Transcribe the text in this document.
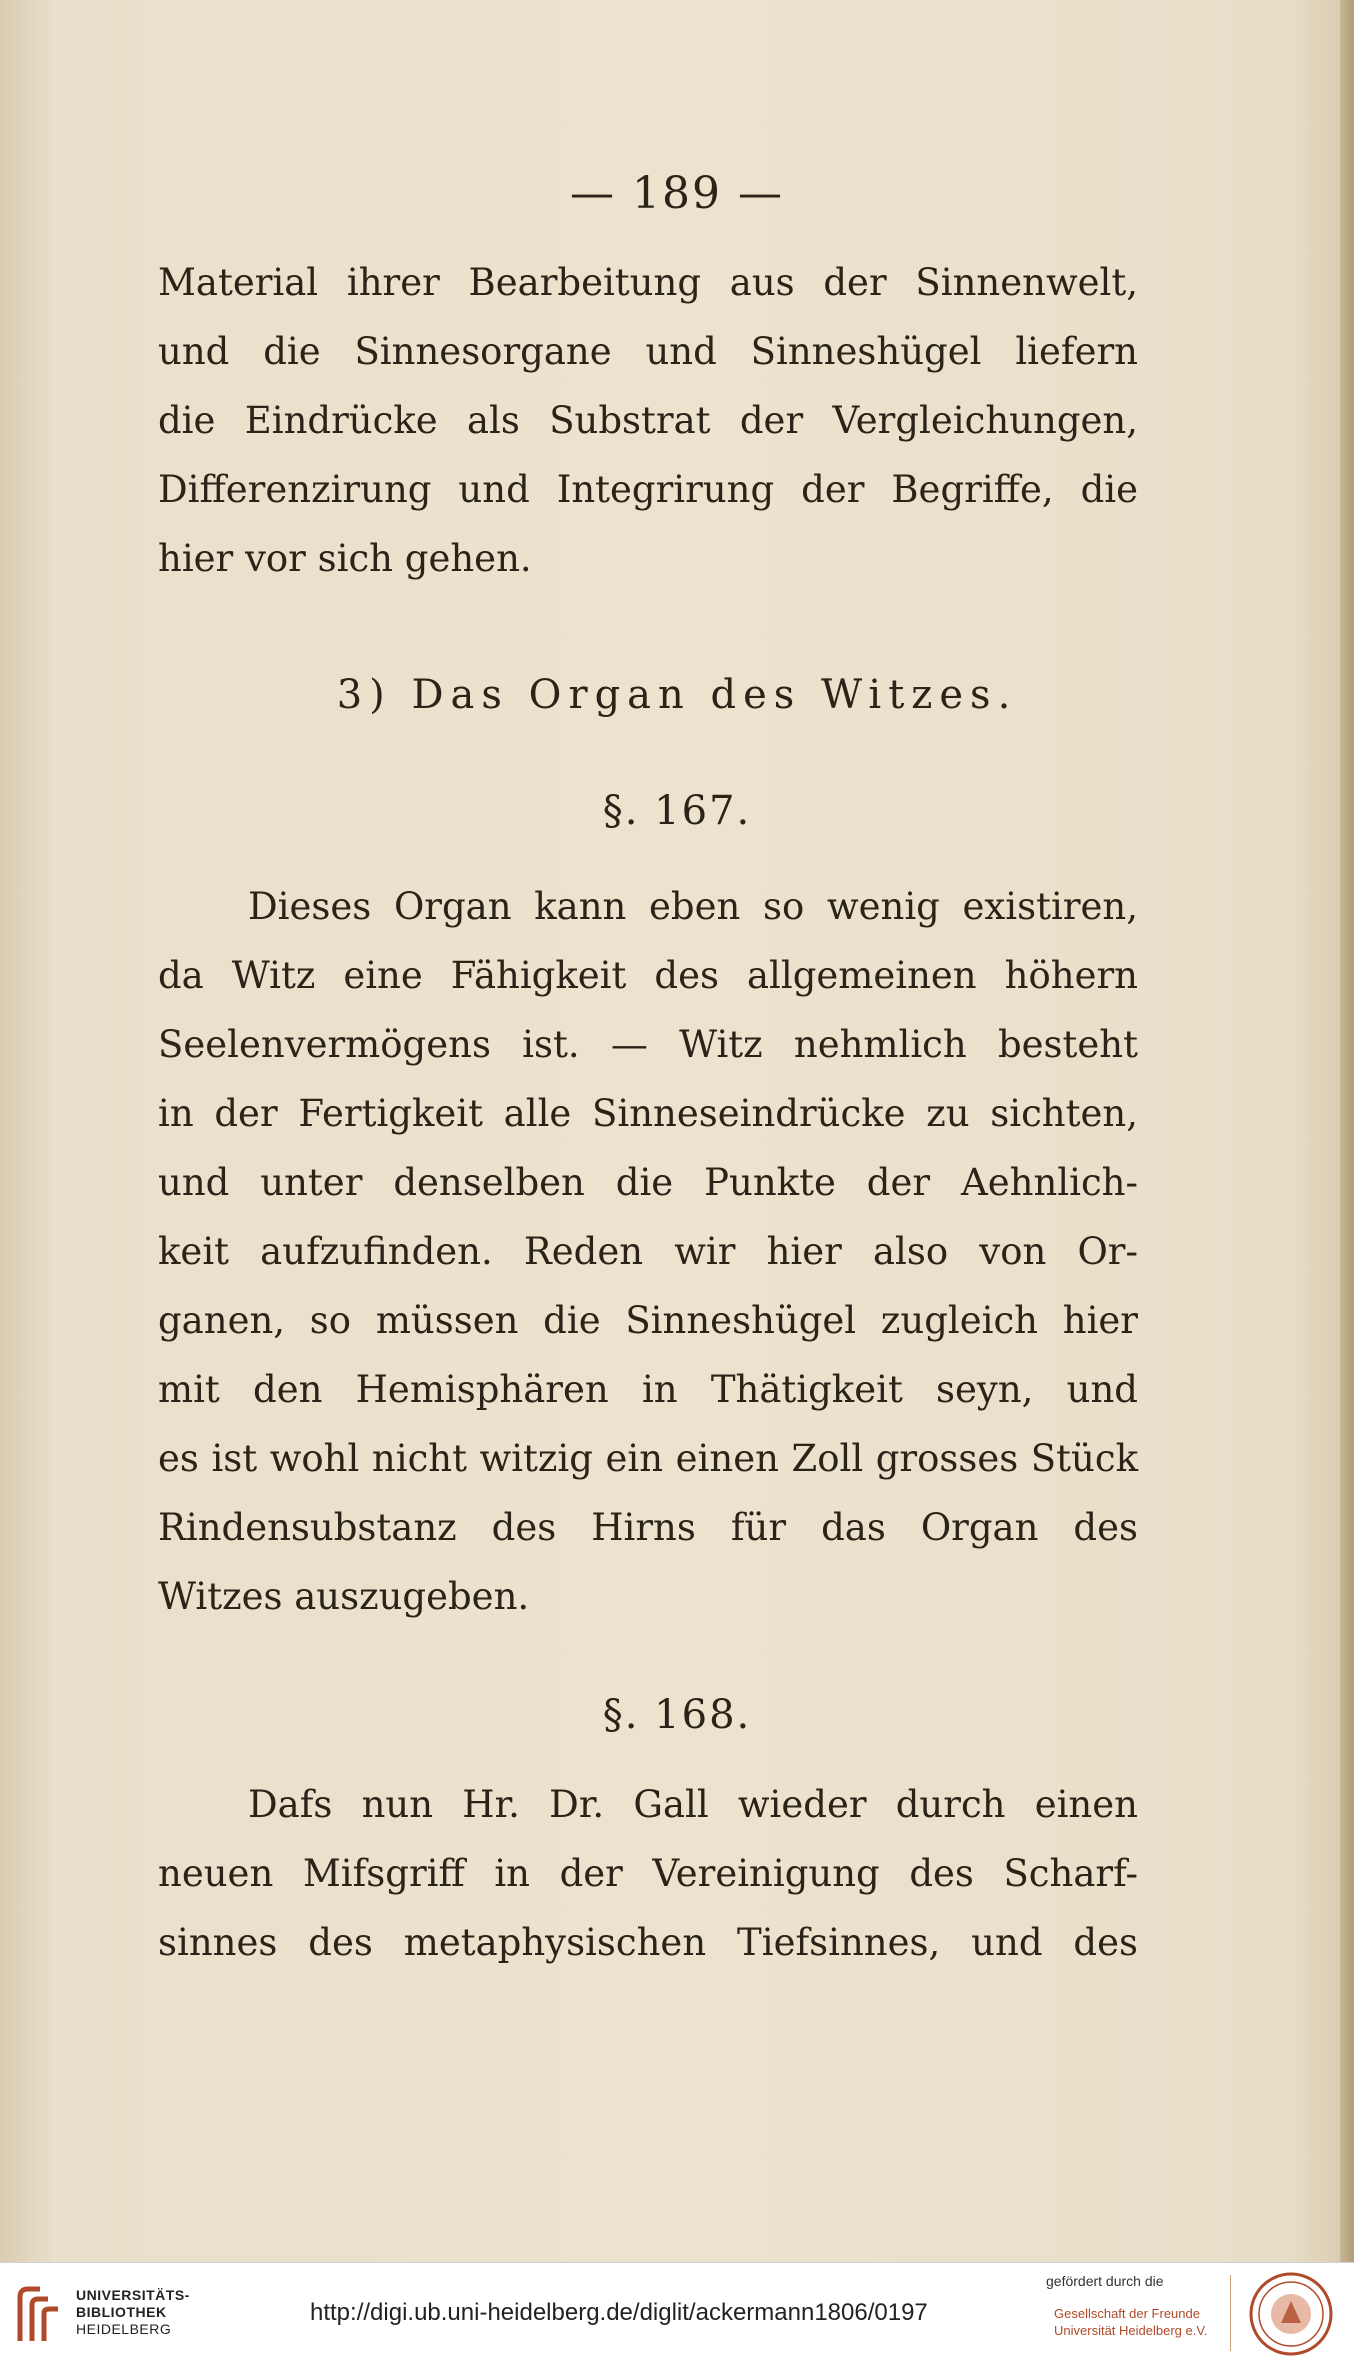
— 189 —
Material ihrer Bearbeitung aus der Sinnenwelt,
und die Sinnesorgane und Sinneshügel liefern
die Eindrücke als Substrat der Vergleichungen,
Differenzirung und Integrirung der Begriffe, die
hier vor sich gehen.
3) Das Organ des Witzes.
§. 167.
Dieses Organ kann eben so wenig existiren,
da Witz eine Fähigkeit des allgemeinen höhern
Seelenvermögens ist. — Witz nehmlich besteht
in der Fertigkeit alle Sinneseindrücke zu sichten,
und unter denselben die Punkte der Aehnlich-
keit aufzufinden. Reden wir hier also von Or-
ganen, so müssen die Sinneshügel zugleich hier
mit den Hemisphären in Thätigkeit seyn, und
es ist wohl nicht witzig ein einen Zoll grosses Stück
Rindensubstanz des Hirns für das Organ des
Witzes auszugeben.
§. 168.
Dafs nun Hr. Dr. Gall wieder durch einen
neuen Mifsgriff in der Vereinigung des Scharf-
sinnes des metaphysischen Tiefsinnes, und des
UNIVERSITÄTS-
BIBLIOTHEK
HEIDELBERG
http://digi.ub.uni-heidelberg.de/diglit/ackermann1806/0197
gefördert durch die
Gesellschaft der Freunde
Universität Heidelberg e.V.
